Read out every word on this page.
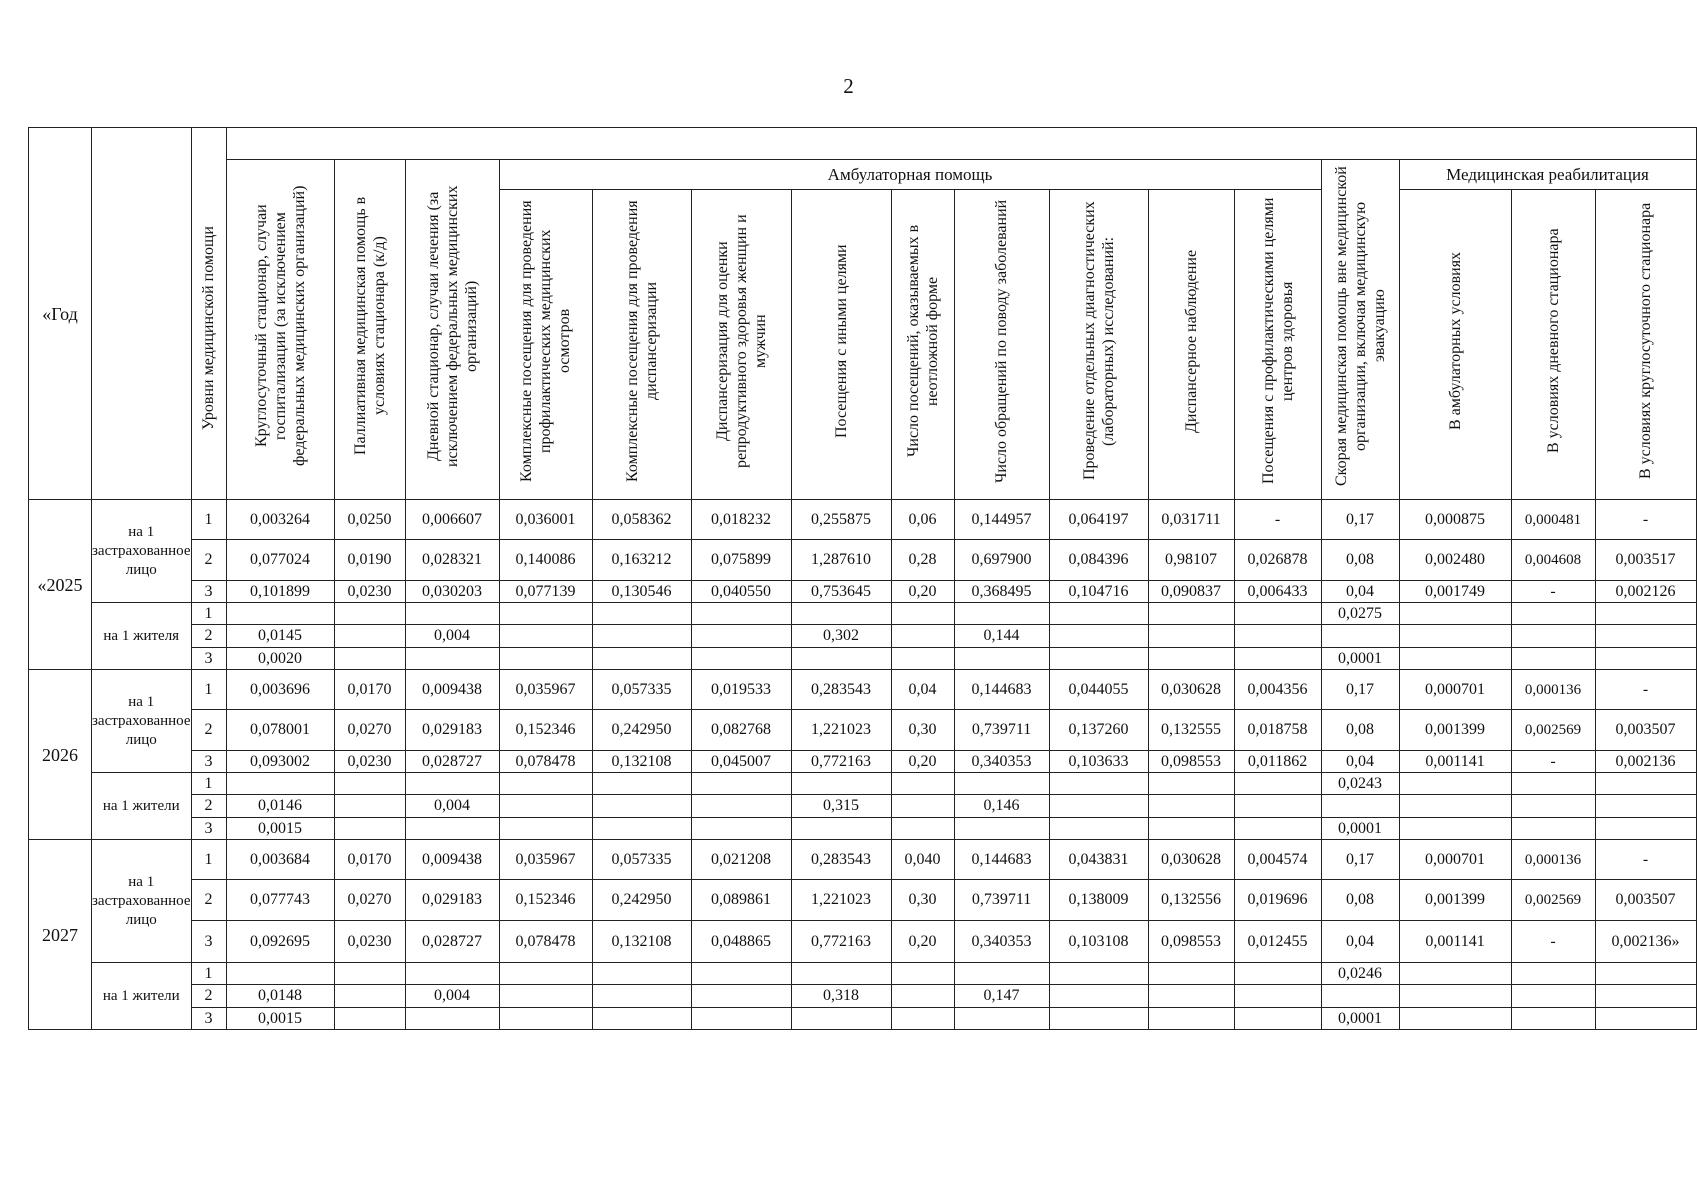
2
«Год		Уровни медицинской помощи																
			Круглосуточный стационар, случаи госпитализации (за исключением федеральных медицинских организаций)	Паллиативная медицинская помощь в условиях стационара (к/д)	Дневной стационар, случаи лечения (за исключением федеральных медицинских организаций)	Амбулаторная помощь									Скорая медицинская помощь вне медицинской организации, включая медицинскую эвакуацию	Медицинская реабилитация		
						Комплексные посещения для проведения профилактических медицинских осмотров	Комплексные посещения для проведения диспансеризации	Диспансеризация для оценки репродуктивного здоровья женщин и мужчин	Посещения с иными целями	Число посещений, оказываемых в неотложной форме	Число обращений по поводу заболеваний	Проведение отдельных диагностических (лабораторных) исследований:	Диспансерное наблюдение	Посещения с профилактическими целями центров здоровья		В амбулаторных условиях	В условиях дневного стационара	В условиях круглосуточного стационара
«2025	на 1 застрахованное лицо	1	0,003264	0,0250	0,006607	0,036001	0,058362	0,018232	0,255875	0,06	0,144957	0,064197	0,031711	-	0,17	0,000875	0,000481	-
		2	0,077024	0,0190	0,028321	0,140086	0,163212	0,075899	1,287610	0,28	0,697900	0,084396	0,98107	0,026878	0,08	0,002480	0,004608	0,003517
		3	0,101899	0,0230	0,030203	0,077139	0,130546	0,040550	0,753645	0,20	0,368495	0,104716	0,090837	0,006433	0,04	0,001749	-	0,002126
	на 1 жителя	1													0,0275			
		2	0,0145		0,004				0,302		0,144							
		3	0,0020												0,0001			
2026	на 1 застрахованное лицо	1	0,003696	0,0170	0,009438	0,035967	0,057335	0,019533	0,283543	0,04	0,144683	0,044055	0,030628	0,004356	0,17	0,000701	0,000136	-
		2	0,078001	0,0270	0,029183	0,152346	0,242950	0,082768	1,221023	0,30	0,739711	0,137260	0,132555	0,018758	0,08	0,001399	0,002569	0,003507
		3	0,093002	0,0230	0,028727	0,078478	0,132108	0,045007	0,772163	0,20	0,340353	0,103633	0,098553	0,011862	0,04	0,001141	-	0,002136
	на 1 жители	1													0,0243			
		2	0,0146		0,004				0,315		0,146							
		3	0,0015												0,0001			
2027	на 1 застрахованное лицо	1	0,003684	0,0170	0,009438	0,035967	0,057335	0,021208	0,283543	0,040	0,144683	0,043831	0,030628	0,004574	0,17	0,000701	0,000136	-
		2	0,077743	0,0270	0,029183	0,152346	0,242950	0,089861	1,221023	0,30	0,739711	0,138009	0,132556	0,019696	0,08	0,001399	0,002569	0,003507
		3	0,092695	0,0230	0,028727	0,078478	0,132108	0,048865	0,772163	0,20	0,340353	0,103108	0,098553	0,012455	0,04	0,001141	-	0,002136»
	на 1 жители	1													0,0246			
		2	0,0148		0,004				0,318		0,147							
		3	0,0015												0,0001			
